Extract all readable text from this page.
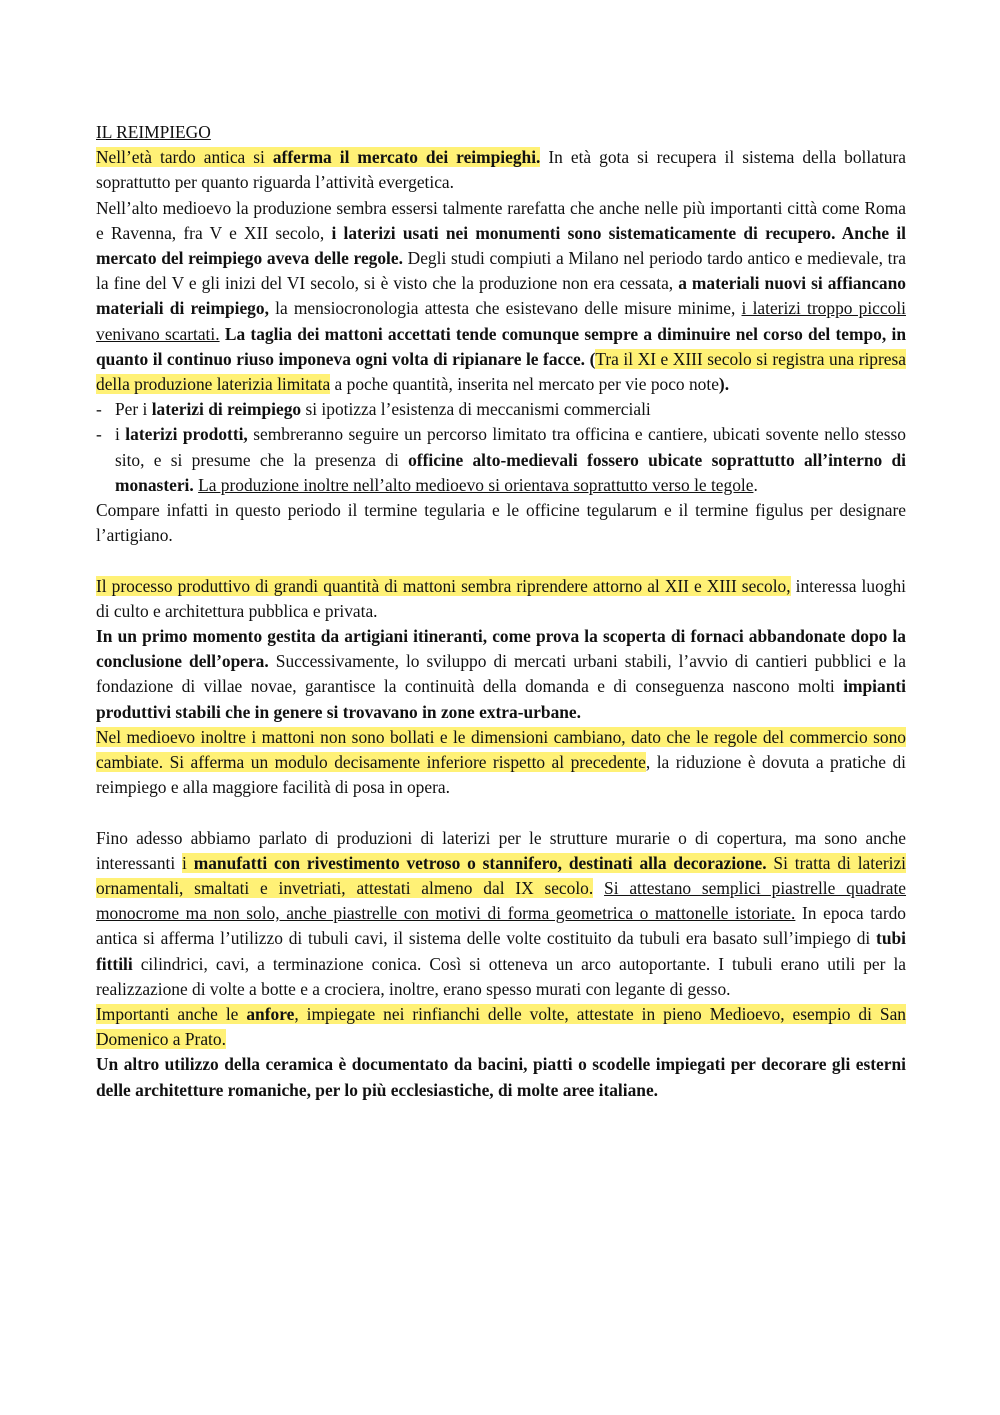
IL REIMPIEGO

Nell’età tardo antica si afferma il mercato dei reimpieghi. In età gota si recupera il sistema della bollatura soprattutto per quanto riguarda l’attività evergetica.

Nell’alto medioevo la produzione sembra essersi talmente rarefatta che anche nelle più importanti città come Roma e Ravenna, fra V e XII secolo, i laterizi usati nei monumenti sono sistematicamente di recupero. Anche il mercato del reimpiego aveva delle regole. Degli studi compiuti a Milano nel periodo tardo antico e medievale, tra la fine del V e gli inizi del VI secolo, si è visto che la produzione non era cessata, a materiali nuovi si affiancano materiali di reimpiego, la mensiocronologia attesta che esistevano delle misure minime, i laterizi troppo piccoli venivano scartati. La taglia dei mattoni accettati tende comunque sempre a diminuire nel corso del tempo, in quanto il continuo riuso imponeva ogni volta di ripianare le facce. (Tra il XI e XIII secolo si registra una ripresa della produzione laterizia limitata a poche quantità, inserita nel mercato per vie poco note).

- Per i laterizi di reimpiego si ipotizza l’esistenza di meccanismi commerciali
- i laterizi prodotti, sembreranno seguire un percorso limitato tra officina e cantiere, ubicati sovente nello stesso sito, e si presume che la presenza di officine alto-medievali fossero ubicate soprattutto all’interno di monasteri. La produzione inoltre nell’alto medioevo si orientava soprattutto verso le tegole.

Compare infatti in questo periodo il termine tegularia e le officine tegularum e il termine figulus per designare l’artigiano.

Il processo produttivo di grandi quantità di mattoni sembra riprendere attorno al XII e XIII secolo, interessa luoghi di culto e architettura pubblica e privata.

In un primo momento gestita da artigiani itineranti, come prova la scoperta di fornaci abbandonate dopo la conclusione dell’opera. Successivamente, lo sviluppo di mercati urbani stabili, l’avvio di cantieri pubblici e la fondazione di villae novae, garantisce la continuità della domanda e di conseguenza nascono molti impianti produttivi stabili che in genere si trovavano in zone extra-urbane.

Nel medioevo inoltre i mattoni non sono bollati e le dimensioni cambiano, dato che le regole del commercio sono cambiate. Si afferma un modulo decisamente inferiore rispetto al precedente, la riduzione è dovuta a pratiche di reimpiego e alla maggiore facilità di posa in opera.

Fino adesso abbiamo parlato di produzioni di laterizi per le strutture murarie o di copertura, ma sono anche interessanti i manufatti con rivestimento vetroso o stannifero, destinati alla decorazione. Si tratta di laterizi ornamentali, smaltati e invetriati, attestati almeno dal IX secolo. Si attestano semplici piastrelle quadrate monocrome ma non solo, anche piastrelle con motivi di forma geometrica o mattonelle istoriate. In epoca tardo antica si afferma l’utilizzo di tubuli cavi, il sistema delle volte costituito da tubuli era basato sull’impiego di tubi fittili cilindrici, cavi, a terminazione conica. Così si otteneva un arco autoportante. I tubuli erano utili per la realizzazione di volte a botte e a crociera, inoltre, erano spesso murati con legante di gesso.

Importanti anche le anfore, impiegate nei rinfianchi delle volte, attestate in pieno Medioevo, esempio di San Domenico a Prato.

Un altro utilizzo della ceramica è documentato da bacini, piatti o scodelle impiegati per decorare gli esterni delle architetture romaniche, per lo più ecclesiastiche, di molte aree italiane.
